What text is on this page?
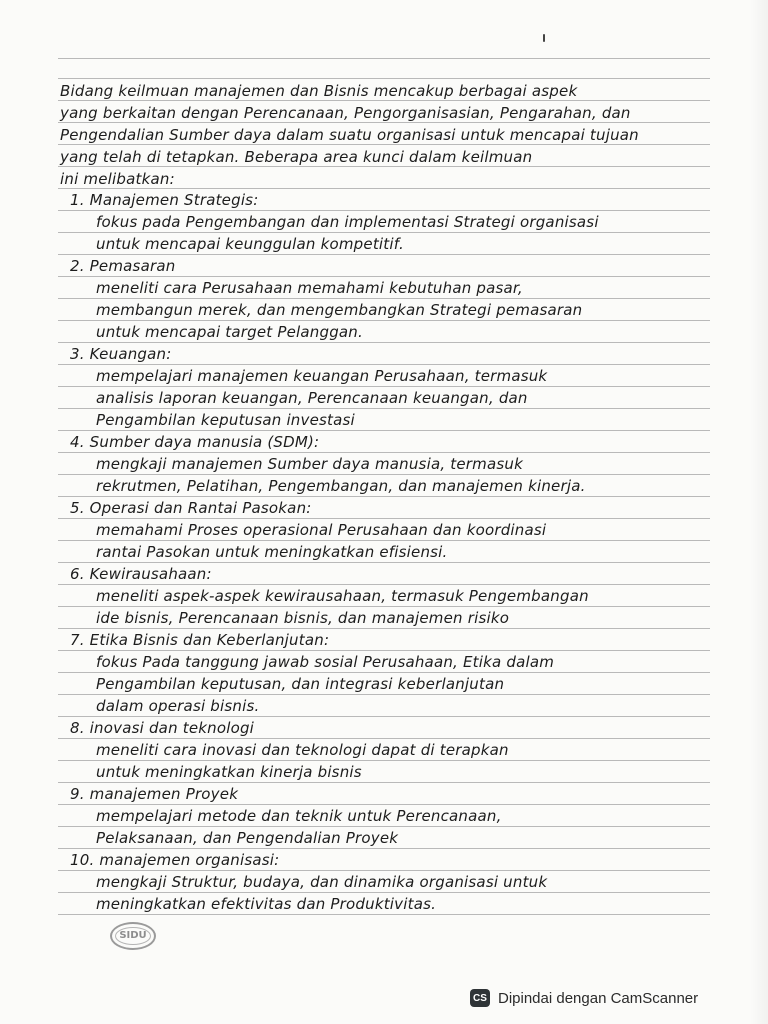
Bidang keilmuan manajemen dan Bisnis mencakup berbagai aspek
yang berkaitan dengan Perencanaan, Pengorganisasian, Pengarahan, dan
Pengendalian Sumber daya dalam suatu organisasi untuk mencapai tujuan
yang telah di tetapkan. Beberapa area kunci dalam keilmuan
ini melibatkan:
1. Manajemen Strategis:
fokus pada Pengembangan dan implementasi Strategi organisasi
untuk mencapai keunggulan kompetitif.
2. Pemasaran
meneliti cara Perusahaan memahami kebutuhan pasar,
membangun merek, dan mengembangkan Strategi pemasaran
untuk mencapai target Pelanggan.
3. Keuangan:
mempelajari manajemen keuangan Perusahaan, termasuk
analisis laporan keuangan, Perencanaan keuangan, dan
Pengambilan keputusan investasi
4. Sumber daya manusia (SDM):
mengkaji manajemen Sumber daya manusia, termasuk
rekrutmen, Pelatihan, Pengembangan, dan manajemen kinerja.
5. Operasi dan Rantai Pasokan:
memahami Proses operasional Perusahaan dan koordinasi
rantai Pasokan untuk meningkatkan efisiensi.
6. Kewirausahaan:
meneliti aspek-aspek kewirausahaan, termasuk Pengembangan
ide bisnis, Perencanaan bisnis, dan manajemen risiko
7. Etika Bisnis dan Keberlanjutan:
fokus Pada tanggung jawab sosial Perusahaan, Etika dalam
Pengambilan keputusan, dan integrasi keberlanjutan
dalam operasi bisnis.
8. inovasi dan teknologi
meneliti cara inovasi dan teknologi dapat di terapkan
untuk meningkatkan kinerja bisnis
9. manajemen Proyek
mempelajari metode dan teknik untuk Perencanaan,
Pelaksanaan, dan Pengendalian Proyek
10. manajemen organisasi:
mengkaji Struktur, budaya, dan dinamika organisasi untuk
meningkatkan efektivitas dan Produktivitas.
SIDU
CS Dipindai dengan CamScanner
